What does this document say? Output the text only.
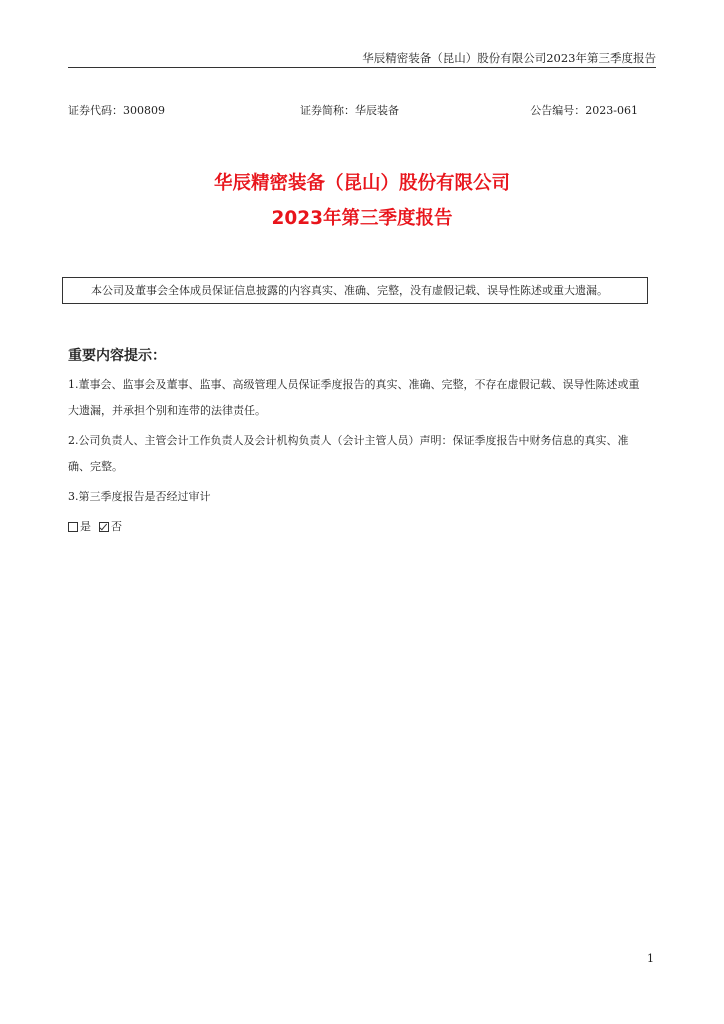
华辰精密装备（昆山）股份有限公司2023年第三季度报告
证券代码：300809	证券简称：华辰装备	公告编号：2023-061
华辰精密装备（昆山）股份有限公司
2023年第三季度报告
本公司及董事会全体成员保证信息披露的内容真实、准确、完整，没有虚假记载、误导性陈述或重大遗漏。
重要内容提示：
1.董事会、监事会及董事、监事、高级管理人员保证季度报告的真实、准确、完整，不存在虚假记载、误导性陈述或重
大遗漏，并承担个别和连带的法律责任。
2.公司负责人、主管会计工作负责人及会计机构负责人（会计主管人员）声明：保证季度报告中财务信息的真实、准
确、完整。
3.第三季度报告是否经过审计
是 否
1
